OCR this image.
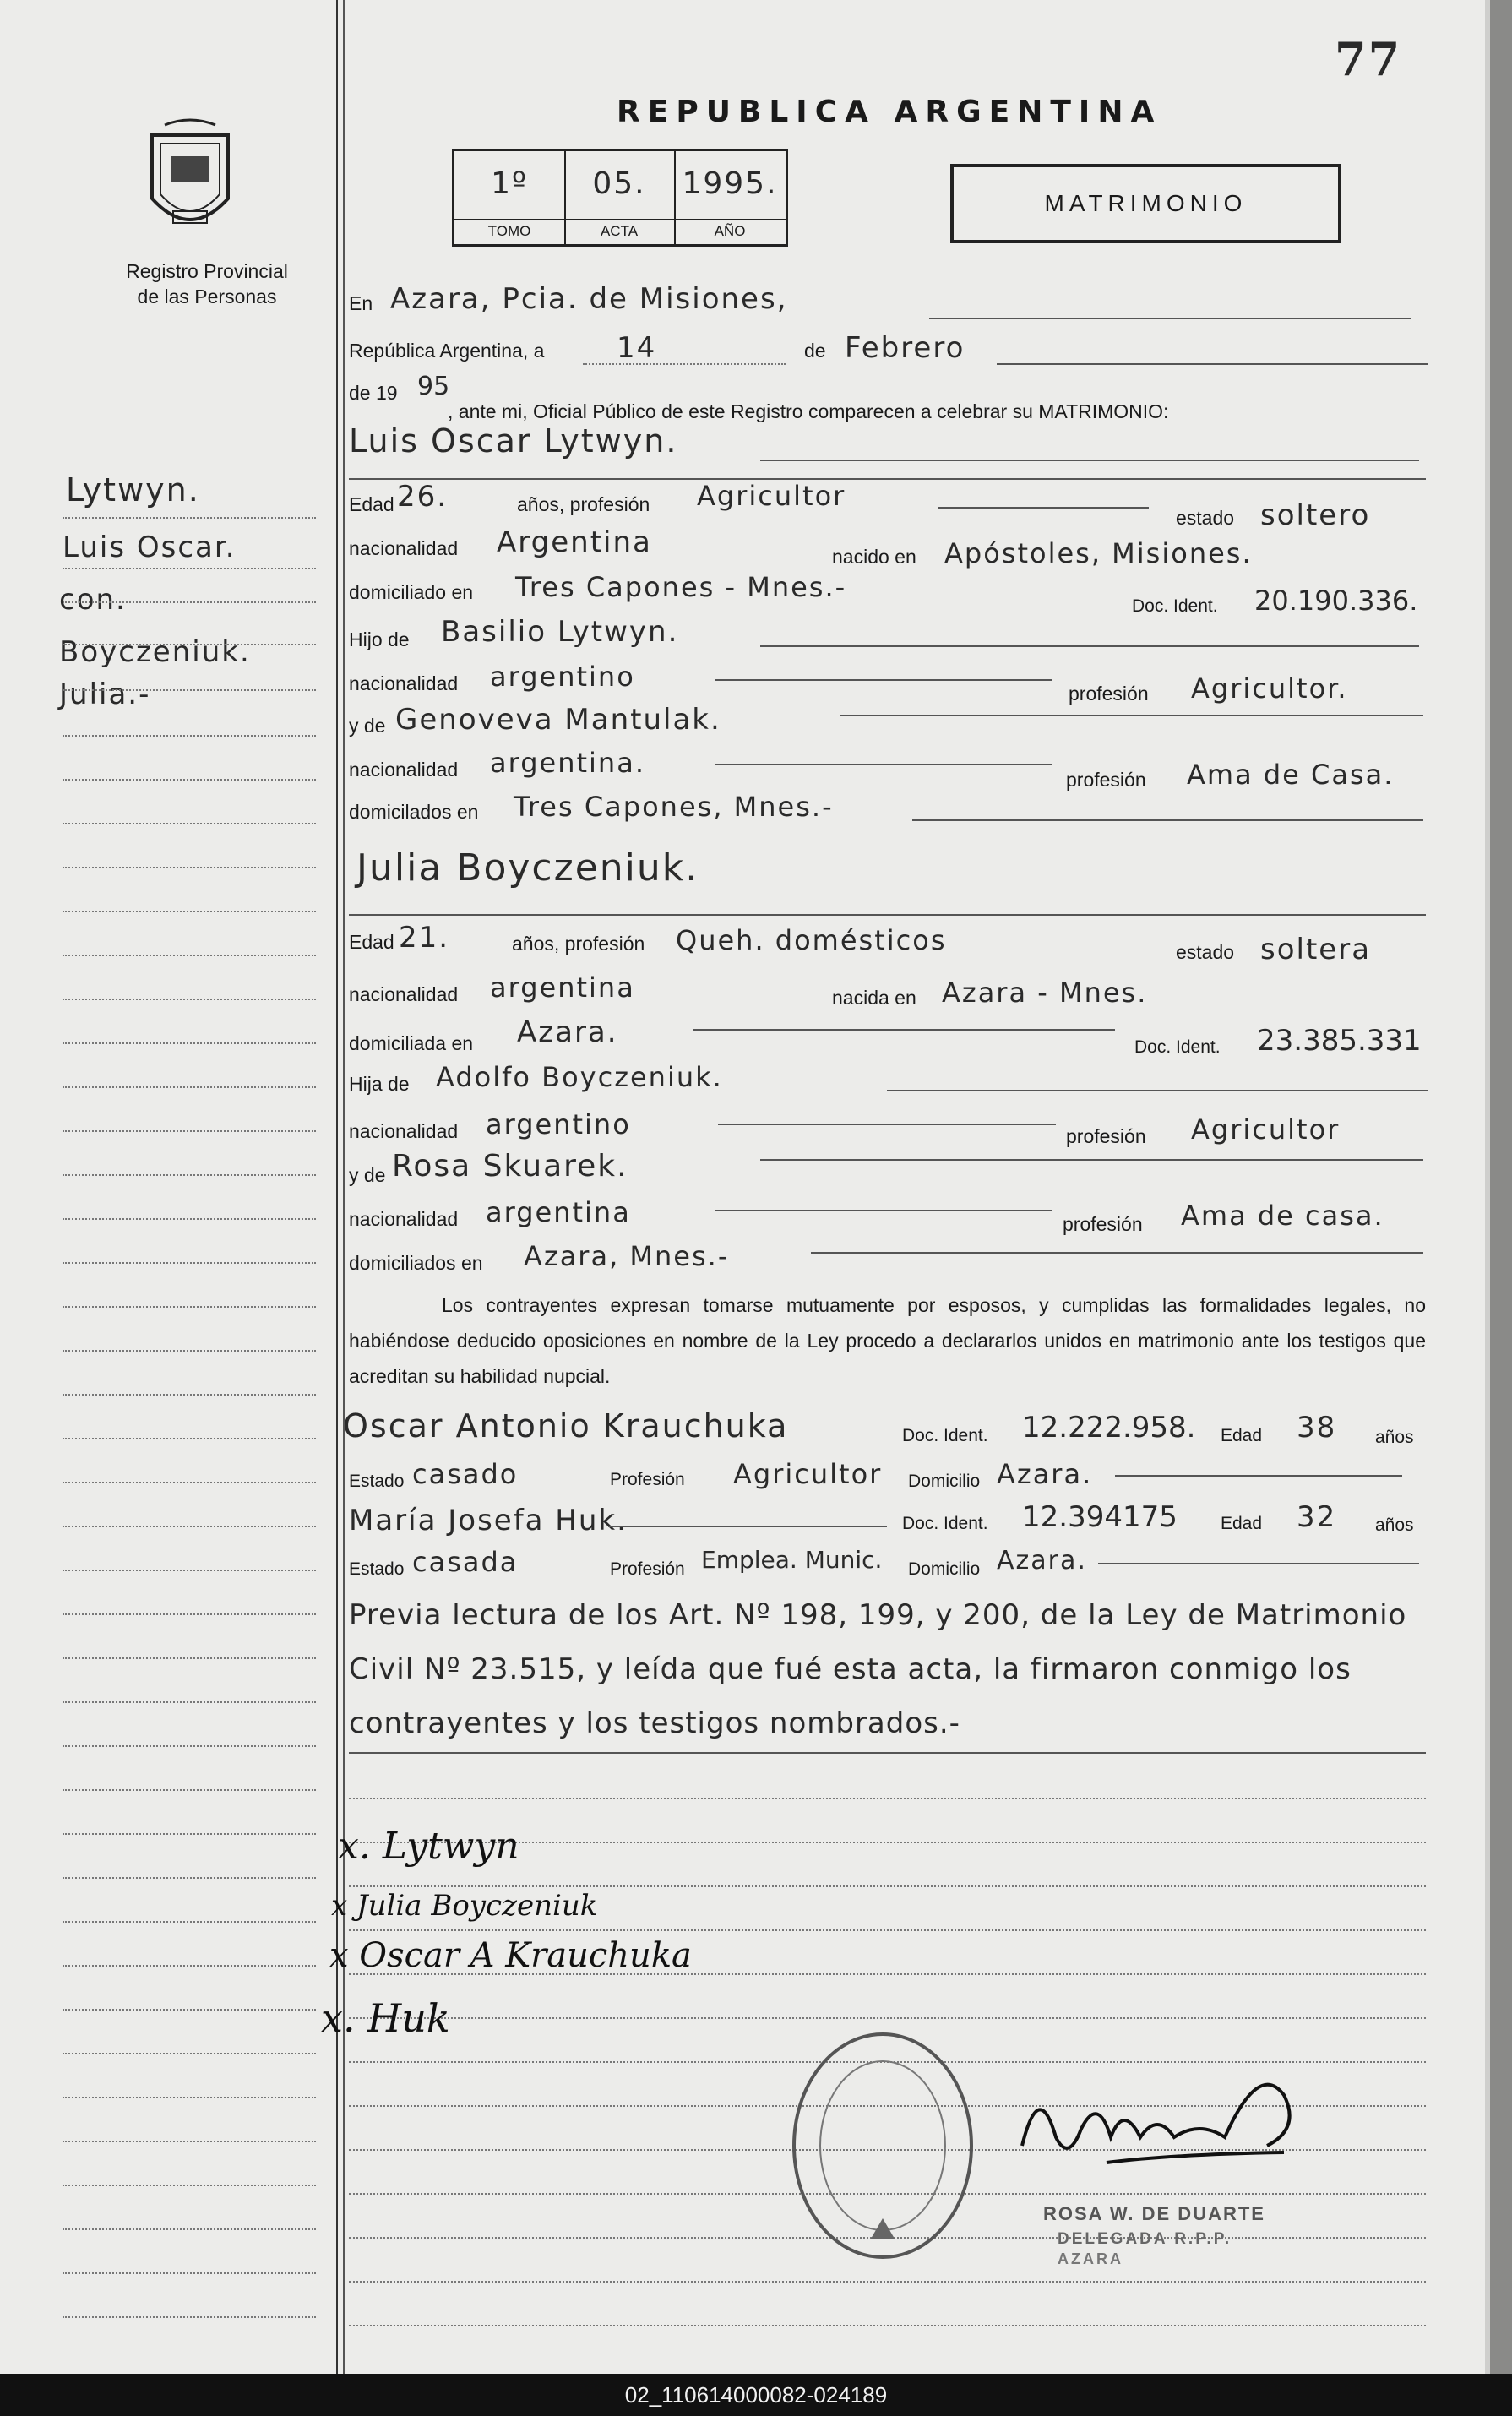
77
Registro Provincial
de las Personas
REPUBLICA ARGENTINA
1º
TOMO
05.
ACTA
1995.
AÑO
MATRIMONIO
Lytwyn.
Luis Oscar.
con.
Boyczeniuk.
Julia.-
En Azara, Pcia. de Misiones,
República Argentina, a	14	de Febrero
de 19 95
, ante mi, Oficial Público de este Registro comparecen a celebrar su MATRIMONIO:
Luis Oscar Lytwyn.
Edad 26.	años, profesión Agricultor
estado soltero
nacionalidad Argentina	nacido en Apóstoles, Misiones.
domiciliado en Tres Capones - Mnes.-
Doc. Ident. 20.190.336.
Hijo de Basilio Lytwyn.
nacionalidad argentino
profesión Agricultor.
y de Genoveva Mantulak.
nacionalidad argentina.
profesión Ama de Casa.
domicilados en Tres Capones, Mnes.-
Julia Boyczeniuk.
Edad 21.	años, profesión Queh. domésticos	estado soltera
nacionalidad argentina	nacida en Azara - Mnes.
domiciliada en Azara.	Doc. Ident. 23.385.331
Hija de Adolfo Boyczeniuk.
nacionalidad argentino	profesión Agricultor
y de Rosa Skuarek.
nacionalidad argentina	profesión Ama de casa.
domiciliados en Azara, Mnes.-
Los contrayentes expresan tomarse mutuamente por esposos, y cumplidas las formalidades legales, no habiéndose deducido oposiciones en nombre de la Ley procedo a declararlos unidos en matrimonio ante los testigos que acreditan su habilidad nupcial.
Oscar Antonio Krauchuka	Doc. Ident. 12.222.958. Edad 38 años
Estado casado	Profesión Agricultor Domicilio Azara.
María Josefa Huk.	Doc. Ident. 12.394175 Edad 32 años
Estado casada	Profesión Emplea. Munic. Domicilio Azara.
Previa lectura de los Art. Nº 198, 199, y 200, de la Ley de Matrimonio Civil Nº 23.515, y leída que fué esta acta, la firmaron conmigo los contrayentes y los testigos nombrados.-
x. Lytwyn
x Julia Boyczeniuk
x Oscar A Krauchuka
x. Huk
ROSA W. DE DUARTE
DELEGADA R.P.P.
AZARA
02_110614000082-024189
